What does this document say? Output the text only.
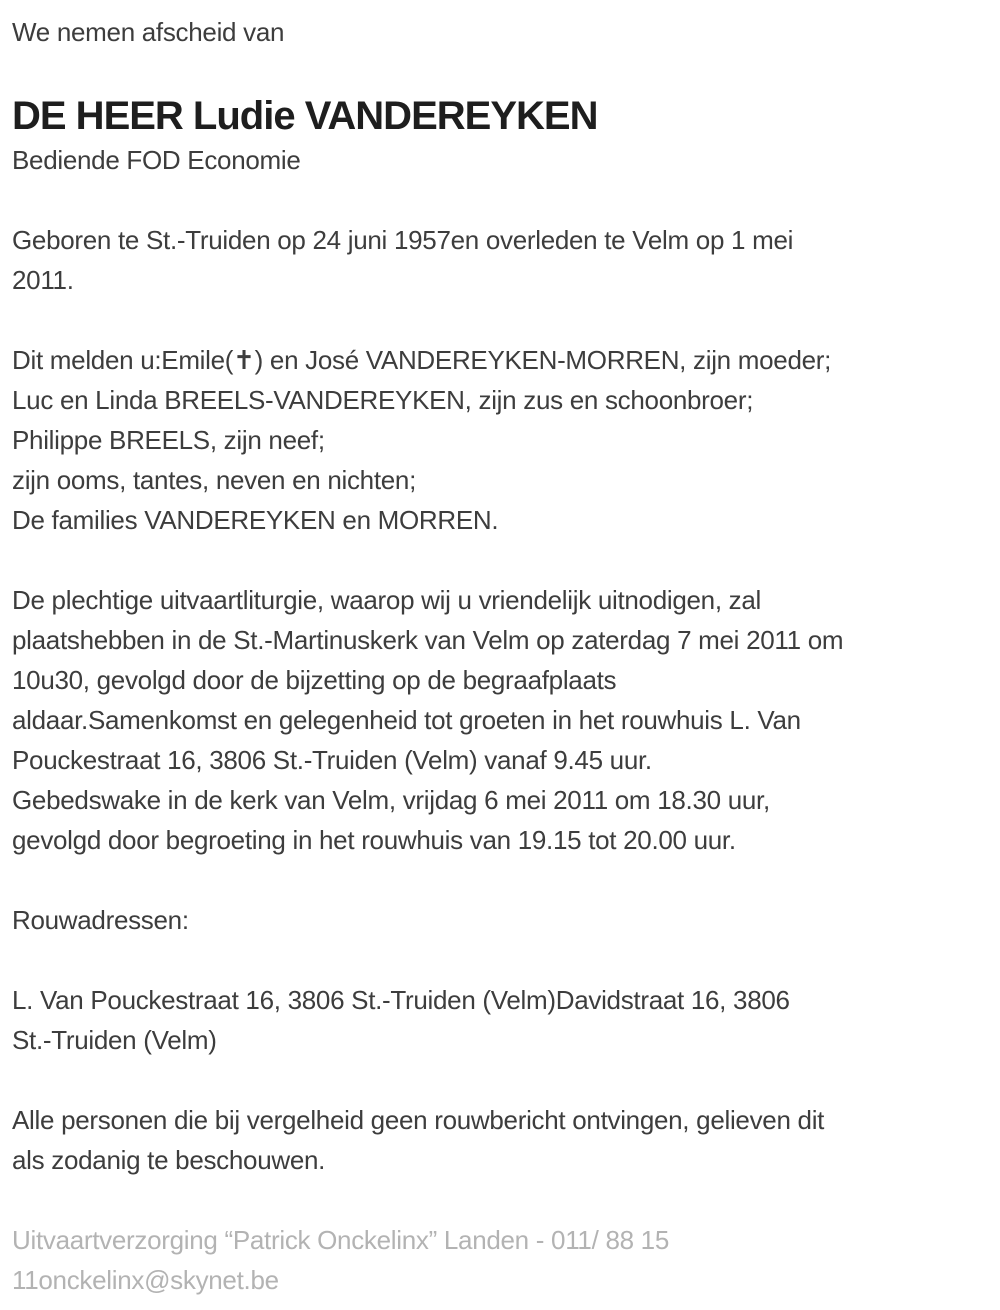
We nemen afscheid van
DE HEER Ludie VANDEREYKEN
Bediende FOD Economie
Geboren te St.-Truiden op 24 juni 1957en overleden te Velm op 1 mei
2011.
Dit melden u:Emile(✝) en José VANDEREYKEN-MORREN, zijn moeder;
Luc en Linda BREELS-VANDEREYKEN, zijn zus en schoonbroer;
Philippe BREELS, zijn neef;
zijn ooms, tantes, neven en nichten;
De families VANDEREYKEN en MORREN.
De plechtige uitvaartliturgie, waarop wij u vriendelijk uitnodigen, zal
plaatshebben in de St.-Martinuskerk van Velm op zaterdag 7 mei 2011 om
10u30, gevolgd door de bijzetting op de begraafplaats
aldaar.Samenkomst en gelegenheid tot groeten in het rouwhuis L. Van
Pouckestraat 16, 3806 St.-Truiden (Velm) vanaf 9.45 uur.
Gebedswake in de kerk van Velm, vrijdag 6 mei 2011 om 18.30 uur,
gevolgd door begroeting in het rouwhuis van 19.15 tot 20.00 uur.
Rouwadressen:
L. Van Pouckestraat 16, 3806 St.-Truiden (Velm)Davidstraat 16, 3806
St.-Truiden (Velm)
Alle personen die bij vergelheid geen rouwbericht ontvingen, gelieven dit
als zodanig te beschouwen.
Uitvaartverzorging “Patrick Onckelinx” Landen - 011/ 88 15
11onckelinx@skynet.be
